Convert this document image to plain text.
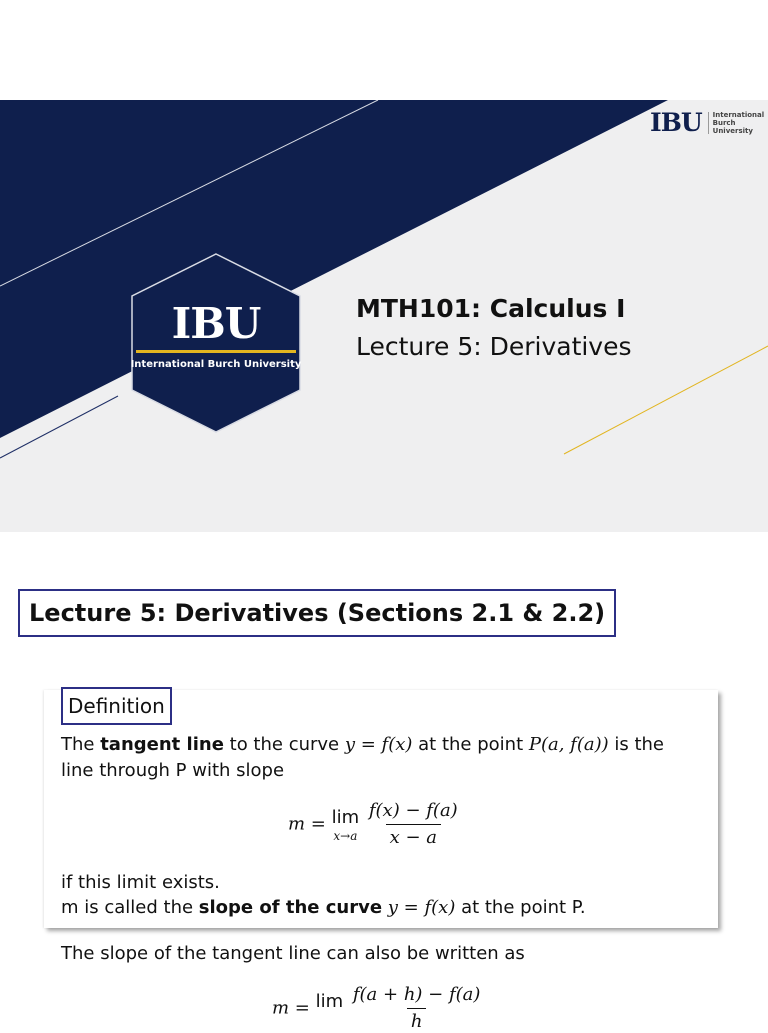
IBU International
Burch
University
IBU
International Burch University
MTH101: Calculus I
Lecture 5: Derivatives
Lecture 5: Derivatives (Sections 2.1 & 2.2)
Definition
The tangent line to the curve y = f(x) at the point P(a, f(a)) is the
line through P with slope
m = lim
x→a
$\frac{f(x) - f(a)}{x - a}$
if this limit exists.
m is called the slope of the curve y = f(x) at the point P.
The slope of the tangent line can also be written as
m = lim

$\frac{f(a + h) - f(a)}{h}$
